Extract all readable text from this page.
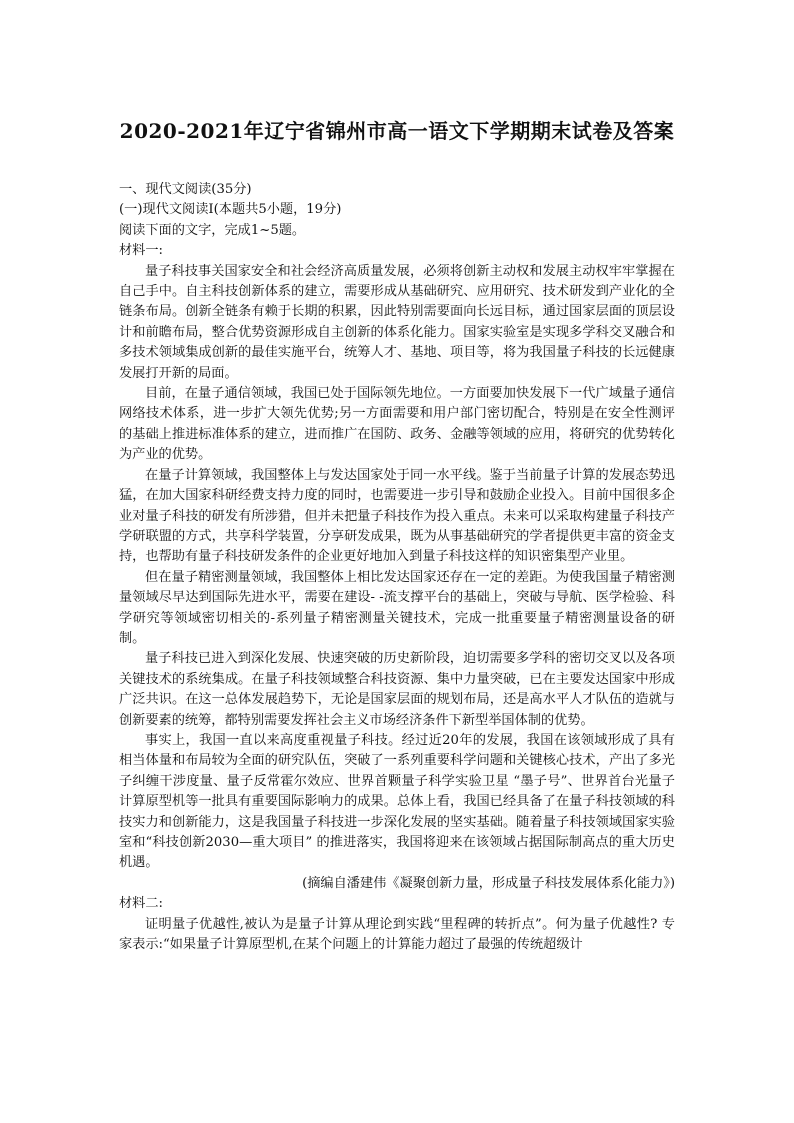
2020-2021年辽宁省锦州市高一语文下学期期末试卷及答案

一、现代文阅读(35分)

(一)现代文阅读Ⅰ(本题共5小题，19分)

阅读下面的文字，完成1~5题。

材料一:

量子科技事关国家安全和社会经济高质量发展，必须将创新主动权和发展主动权牢牢掌握在自己手中。自主科技创新体系的建立，需要形成从基础研究、应用研究、技术研发到产业化的全链条布局。创新全链条有赖于长期的积累，因此特别需要面向长远目标，通过国家层面的顶层设计和前瞻布局，整合优势资源形成自主创新的体系化能力。国家实验室是实现多学科交叉融合和多技术领域集成创新的最佳实施平台，统筹人才、基地、项目等，将为我国量子科技的长远健康发展打开新的局面。

目前，在量子通信领域，我国已处于国际领先地位。一方面要加快发展下一代广域量子通信网络技术体系，进一步扩大领先优势;另一方面需要和用户部门密切配合，特别是在安全性测评的基础上推进标准体系的建立，进而推广在国防、政务、金融等领域的应用，将研究的优势转化为产业的优势。

在量子计算领域，我国整体上与发达国家处于同一水平线。鉴于当前量子计算的发展态势迅猛，在加大国家科研经费支持力度的同时，也需要进一步引导和鼓励企业投入。目前中国很多企业对量子科技的研发有所涉猎，但并未把量子科技作为投入重点。未来可以采取构建量子科技产学研联盟的方式，共享科学装置，分享研发成果，既为从事基础研究的学者提供更丰富的资金支持，也帮助有量子科技研发条件的企业更好地加入到量子科技这样的知识密集型产业里。

但在量子精密测量领域，我国整体上相比发达国家还存在一定的差距。为使我国量子精密测量领域尽早达到国际先进水平，需要在建设- -流支撑平台的基础上，突破与导航、医学检验、科学研究等领域密切相关的-系列量子精密测量关键技术，完成一批重要量子精密测量设备的研制。

量子科技已进入到深化发展、快速突破的历史新阶段，迫切需要多学科的密切交叉以及各项关键技术的系统集成。在量子科技领域整合科技资源、集中力量突破，已在主要发达国家中形成广泛共识。在这一总体发展趋势下，无论是国家层面的规划布局，还是高水平人才队伍的造就与创新要素的统筹，都特别需要发挥社会主义市场经济条件下新型举国体制的优势。

事实上，我国一直以来高度重视量子科技。经过近20年的发展，我国在该领域形成了具有相当体量和布局较为全面的研究队伍，突破了一系列重要科学问题和关键核心技术，产出了多光子纠缠干涉度量、量子反常霍尔效应、世界首颗量子科学实验卫星 “墨子号”、世界首台光量子计算原型机等一批具有重要国际影响力的成果。总体上看，我国已经具备了在量子科技领域的科技实力和创新能力，这是我国量子科技进一步深化发展的坚实基础。随着量子科技领域国家实验室和“科技创新2030—重大项目” 的推进落实，我国将迎来在该领域占据国际制高点的重大历史机遇。

(摘编自潘建伟《凝聚创新力量，形成量子科技发展体系化能力》)

材料二:

证明量子优越性,被认为是量子计算从理论到实践“里程碑的转折点”。何为量子优越性? 专家表示:“如果量子计算原型机,在某个问题上的计算能力超过了最强的传统超级计
